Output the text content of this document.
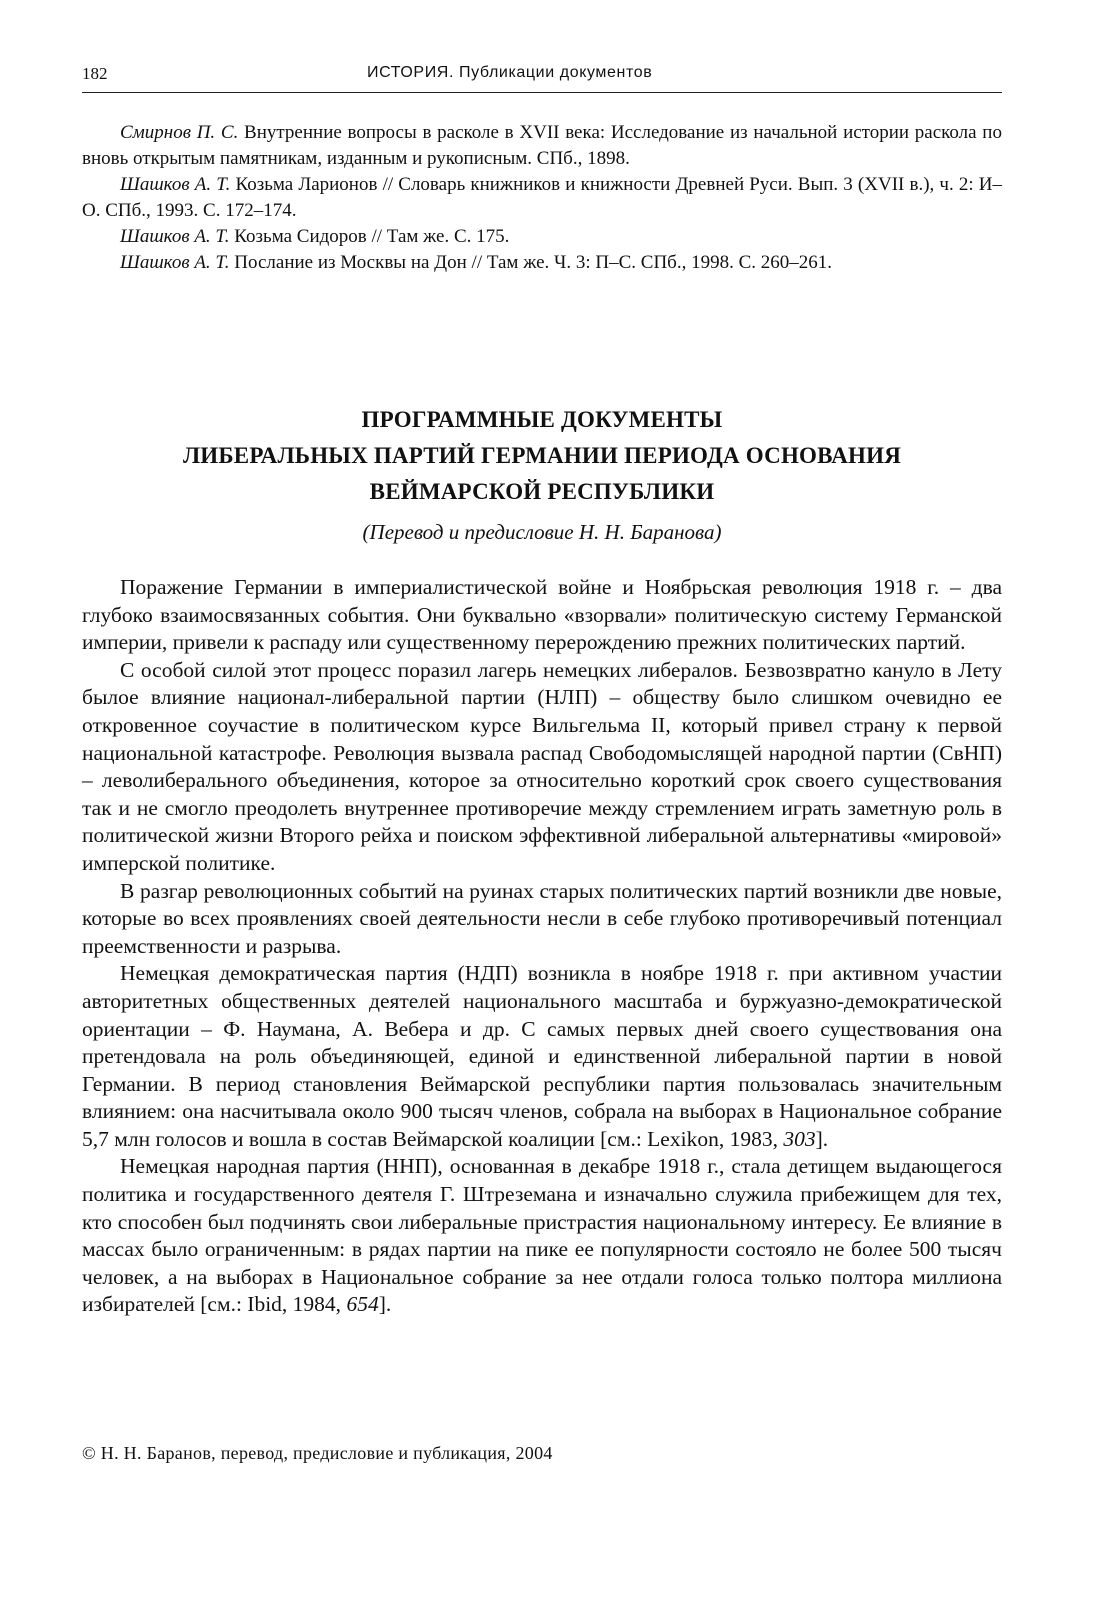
182	ИСТОРИЯ. Публикации документов

Смирнов П. С. Внутренние вопросы в расколе в XVII века: Исследование из начальной истории раскола по вновь открытым памятникам, изданным и рукописным. СПб., 1898.

Шашков А. Т. Козьма Ларионов // Словарь книжников и книжности Древней Руси. Вып. 3 (XVII в.), ч. 2: И–О. СПб., 1993. С. 172–174.

Шашков А. Т. Козьма Сидоров // Там же. С. 175.

Шашков А. Т. Послание из Москвы на Дон // Там же. Ч. 3: П–С. СПб., 1998. С. 260–261.

ПРОГРАММНЫЕ ДОКУМЕНТЫ
ЛИБЕРАЛЬНЫХ ПАРТИЙ ГЕРМАНИИ ПЕРИОДА ОСНОВАНИЯ
ВЕЙМАРСКОЙ РЕСПУБЛИКИ
(Перевод и предисловие Н. Н. Баранова)

Поражение Германии в империалистической войне и Ноябрьская революция 1918 г. – два глубоко взаимосвязанных события. Они буквально «взорвали» политическую систему Германской империи, привели к распаду или существенному перерождению прежних политических партий.

С особой силой этот процесс поразил лагерь немецких либералов. Безвозвратно кануло в Лету былое влияние национал-либеральной партии (НЛП) – обществу было слишком очевидно ее откровенное соучастие в политическом курсе Вильгельма II, который привел страну к первой национальной катастрофе. Революция вызвала распад Свободомыслящей народной партии (СвНП) – леволиберального объединения, которое за относительно короткий срок своего существования так и не смогло преодолеть внутреннее противоречие между стремлением играть заметную роль в политической жизни Второго рейха и поиском эффективной либеральной альтернативы «мировой» имперской политике.

В разгар революционных событий на руинах старых политических партий возникли две новые, которые во всех проявлениях своей деятельности несли в себе глубоко противоречивый потенциал преемственности и разрыва.

Немецкая демократическая партия (НДП) возникла в ноябре 1918 г. при активном участии авторитетных общественных деятелей национального масштаба и буржуазно-демократической ориентации – Ф. Наумана, А. Вебера и др. С самых первых дней своего существования она претендовала на роль объединяющей, единой и единственной либеральной партии в новой Германии. В период становления Веймарской республики партия пользовалась значительным влиянием: она насчитывала около 900 тысяч членов, собрала на выборах в Национальное собрание 5,7 млн голосов и вошла в состав Веймарской коалиции [см.: Lexikon, 1983, 303].

Немецкая народная партия (ННП), основанная в декабре 1918 г., стала детищем выдающегося политика и государственного деятеля Г. Штреземана и изначально служила прибежищем для тех, кто способен был подчинять свои либеральные пристрастия национальному интересу. Ее влияние в массах было ограниченным: в рядах партии на пике ее популярности состояло не более 500 тысяч человек, а на выборах в Национальное собрание за нее отдали голоса только полтора миллиона избирателей [см.: Ibid, 1984, 654].

© Н. Н. Баранов, перевод, предисловие и публикация, 2004
